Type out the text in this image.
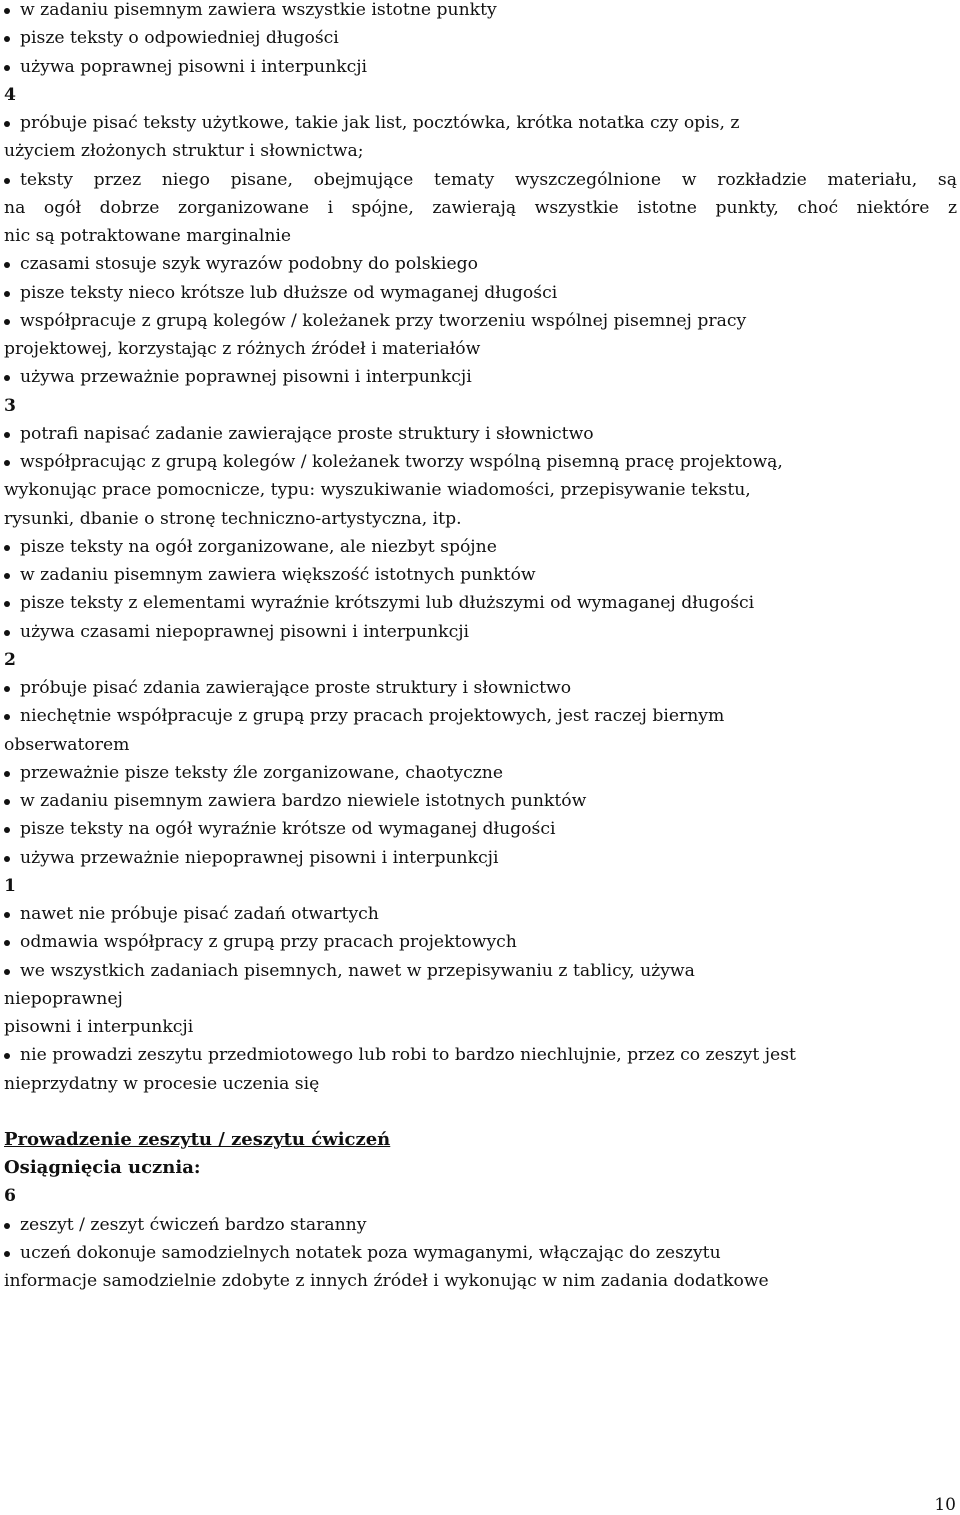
w zadaniu pisemnym zawiera wszystkie istotne punkty
pisze teksty o odpowiedniej długości
używa poprawnej pisowni i interpunkcji
4
próbuje pisać teksty użytkowe, takie jak list, pocztówka, krótka notatka czy opis, z
użyciem złożonych struktur i słownictwa;
teksty przez niego pisane, obejmujące tematy wyszczególnione w rozkładzie materiału, są
na ogół dobrze zorganizowane i spójne, zawierają wszystkie istotne punkty, choć niektóre z
nic są potraktowane marginalnie
czasami stosuje szyk wyrazów podobny do polskiego
pisze teksty nieco krótsze lub dłuższe od wymaganej długości
współpracuje z grupą kolegów / koleżanek przy tworzeniu wspólnej pisemnej pracy
projektowej, korzystając z różnych źródeł i materiałów
używa przeważnie poprawnej pisowni i interpunkcji
3
potrafi napisać zadanie zawierające proste struktury i słownictwo
współpracując z grupą kolegów / koleżanek tworzy wspólną pisemną pracę projektową,
wykonując prace pomocnicze, typu: wyszukiwanie wiadomości, przepisywanie tekstu,
rysunki, dbanie o stronę techniczno-artystyczna, itp.
pisze teksty na ogół zorganizowane, ale niezbyt spójne
w zadaniu pisemnym zawiera większość istotnych punktów
pisze teksty z elementami wyraźnie krótszymi lub dłuższymi od wymaganej długości
używa czasami niepoprawnej pisowni i interpunkcji
2
próbuje pisać zdania zawierające proste struktury i słownictwo
niechętnie współpracuje z grupą przy pracach projektowych, jest raczej biernym
obserwatorem
przeważnie pisze teksty źle zorganizowane, chaotyczne
w zadaniu pisemnym zawiera bardzo niewiele istotnych punktów
pisze teksty na ogół wyraźnie krótsze od wymaganej długości
używa przeważnie niepoprawnej pisowni i interpunkcji
1
nawet nie próbuje pisać zadań otwartych
odmawia współpracy z grupą przy pracach projektowych
we wszystkich zadaniach pisemnych, nawet w przepisywaniu z tablicy, używa
niepoprawnej
pisowni i interpunkcji
nie prowadzi zeszytu przedmiotowego lub robi to bardzo niechlujnie, przez co zeszyt jest
nieprzydatny w procesie uczenia się
Prowadzenie zeszytu / zeszytu ćwiczeń
Osiągnięcia ucznia:
6
zeszyt / zeszyt ćwiczeń bardzo staranny
uczeń dokonuje samodzielnych notatek poza wymaganymi, włączając do zeszytu
informacje samodzielnie zdobyte z innych źródeł i wykonując w nim zadania dodatkowe
10
